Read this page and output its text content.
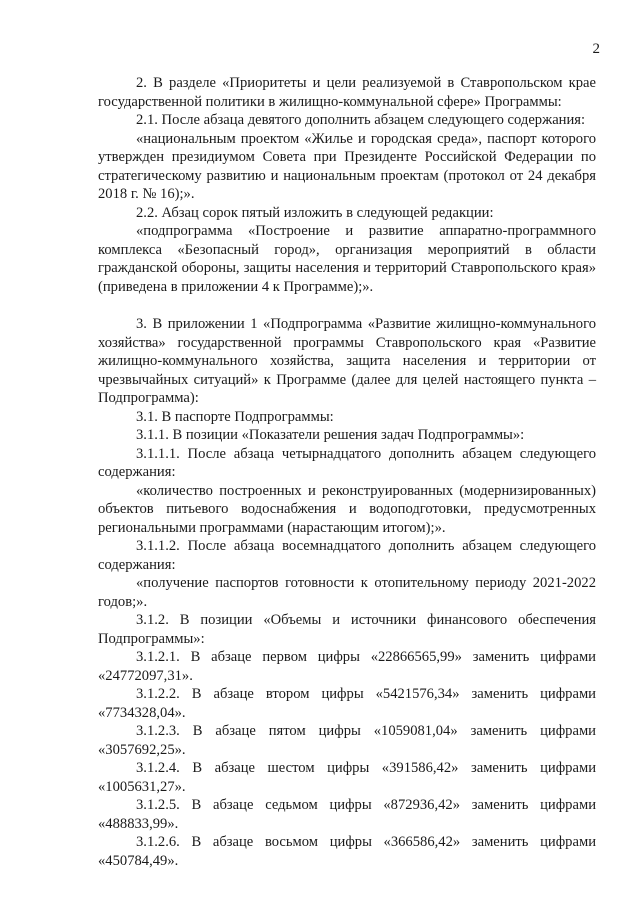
2

2. В разделе «Приоритеты и цели реализуемой в Ставропольском крае государственной политики в жилищно-коммунальной сфере» Программы:

2.1. После абзаца девятого дополнить абзацем следующего содержания:

«национальным проектом «Жилье и городская среда», паспорт которого утвержден президиумом Совета при Президенте Российской Федерации по стратегическому развитию и национальным проектам (протокол от 24 декабря 2018 г. № 16);».

2.2. Абзац сорок пятый изложить в следующей редакции:

«подпрограмма «Построение и развитие аппаратно-программного комплекса «Безопасный город», организация мероприятий в области гражданской обороны, защиты населения и территорий Ставропольского края» (приведена в приложении 4 к Программе);».

3. В приложении 1 «Подпрограмма «Развитие жилищно-коммунального хозяйства» государственной программы Ставропольского края «Развитие жилищно-коммунального хозяйства, защита населения и территории от чрезвычайных ситуаций» к Программе (далее для целей настоящего пункта – Подпрограмма):

3.1. В паспорте Подпрограммы:

3.1.1. В позиции «Показатели решения задач Подпрограммы»:

3.1.1.1. После абзаца четырнадцатого дополнить абзацем следующего содержания:

«количество построенных и реконструированных (модернизированных) объектов питьевого водоснабжения и водоподготовки, предусмотренных региональными программами (нарастающим итогом);».

3.1.1.2. После абзаца восемнадцатого дополнить абзацем следующего содержания:

«получение паспортов готовности к отопительному периоду 2021-2022 годов;».

3.1.2. В позиции «Объемы и источники финансового обеспечения Подпрограммы»:

3.1.2.1. В абзаце первом цифры «22866565,99» заменить цифрами «24772097,31».

3.1.2.2. В абзаце втором цифры «5421576,34» заменить цифрами «7734328,04».

3.1.2.3. В абзаце пятом цифры «1059081,04» заменить цифрами «3057692,25».

3.1.2.4. В абзаце шестом цифры «391586,42» заменить цифрами «1005631,27».

3.1.2.5. В абзаце седьмом цифры «872936,42» заменить цифрами «488833,99».

3.1.2.6. В абзаце восьмом цифры «366586,42» заменить цифрами «450784,49».
